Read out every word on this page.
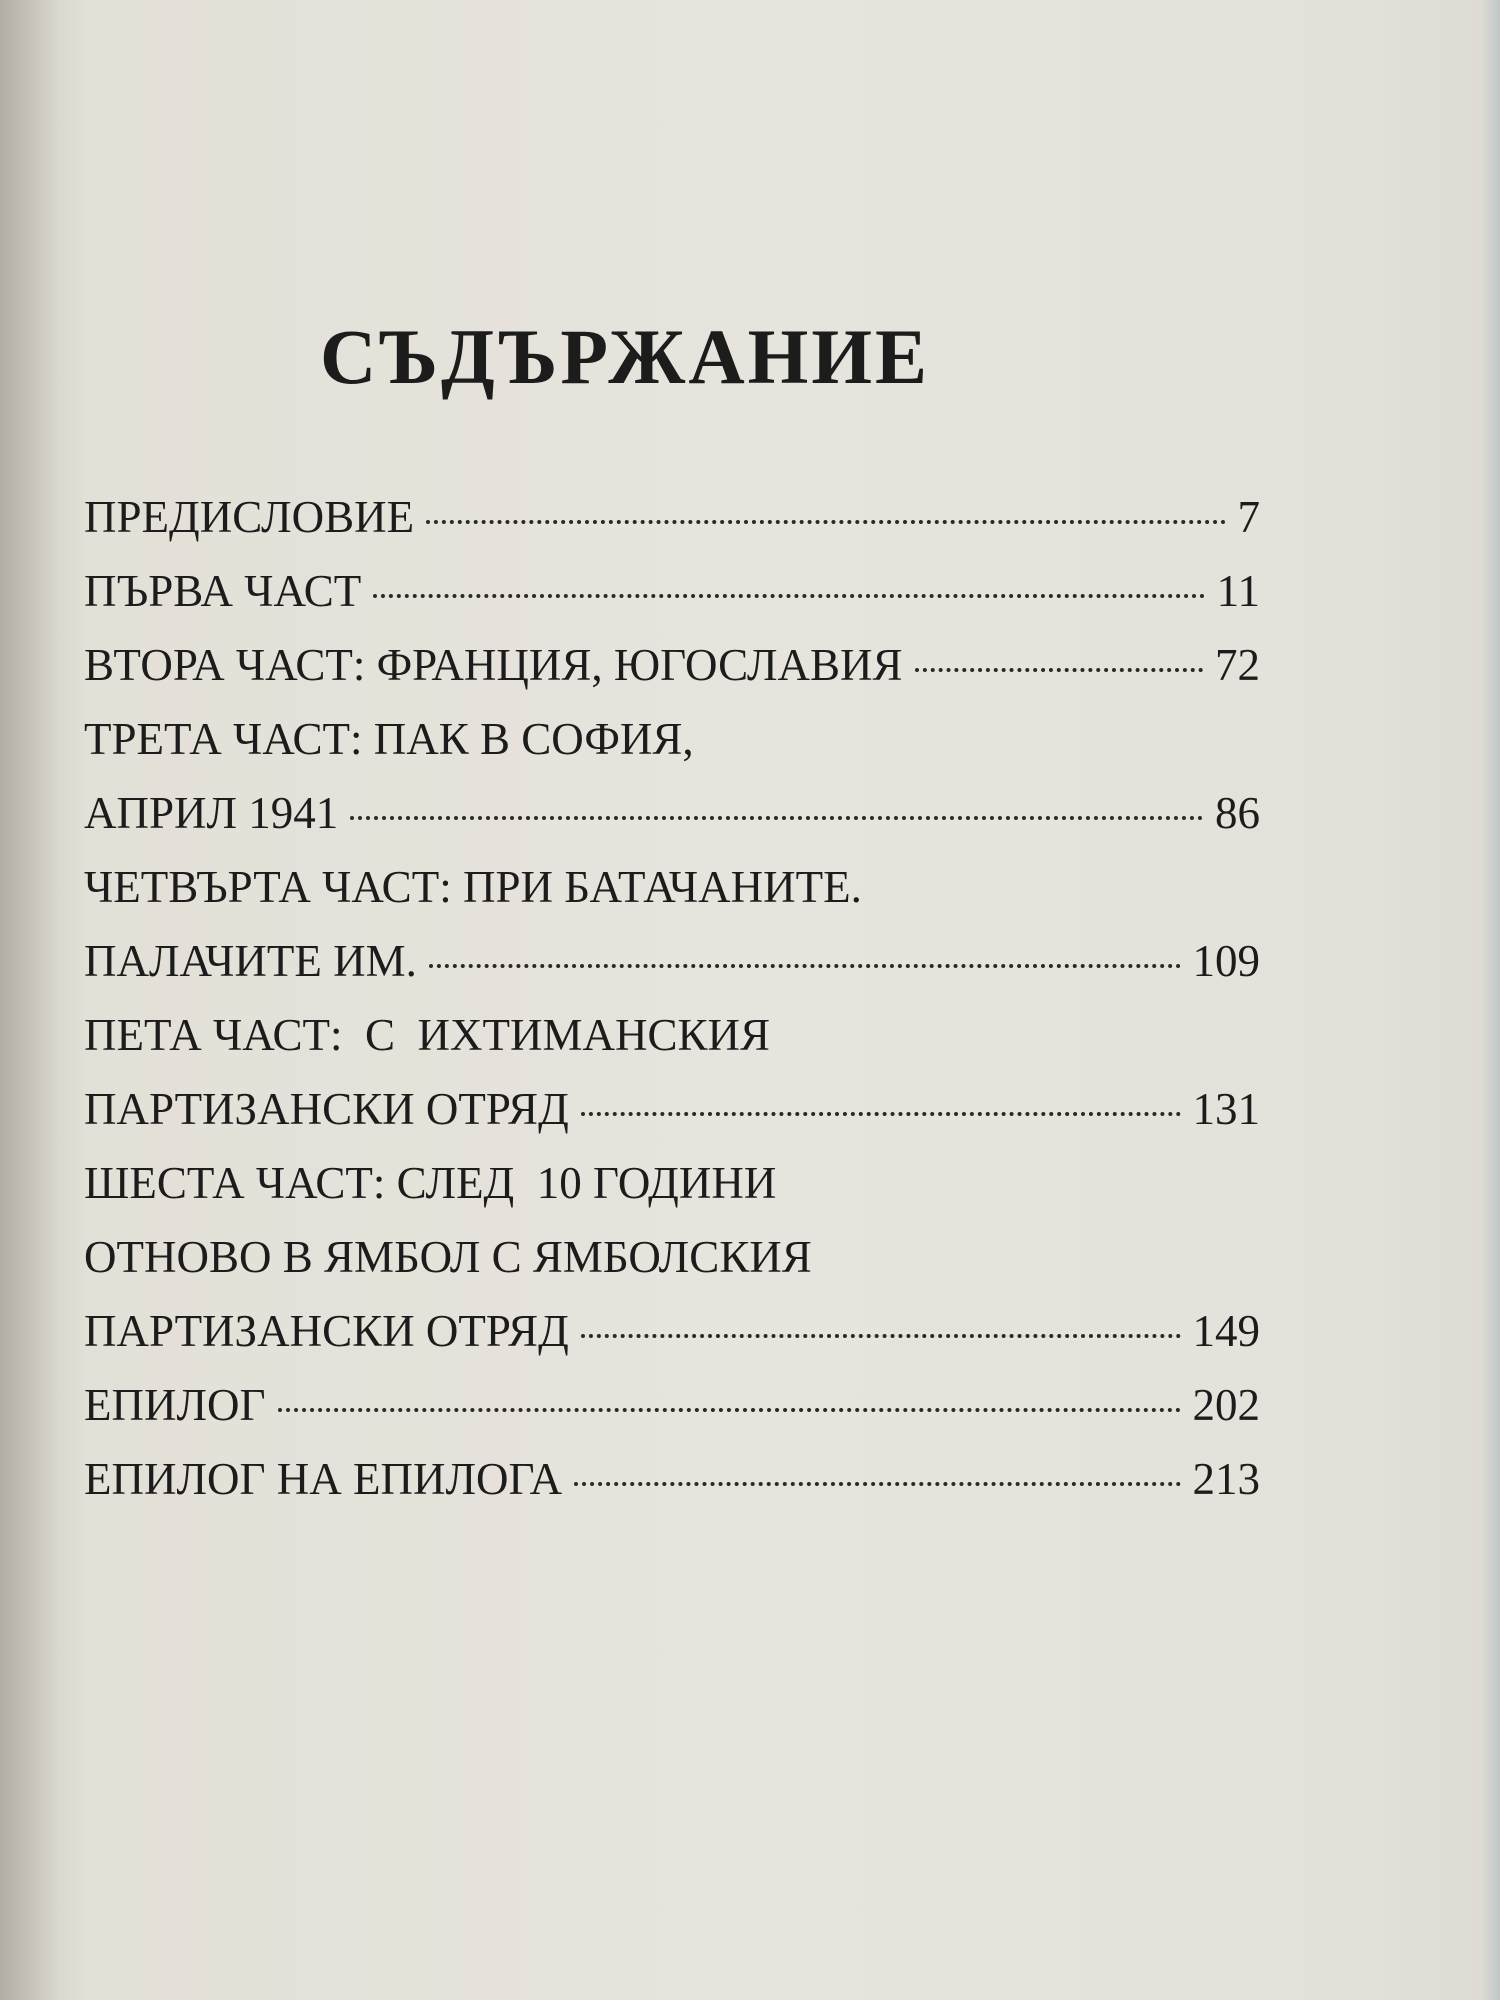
СЪДЪРЖАНИЕ
ПРЕДИСЛОВИЕ	7
ПЪРВА ЧАСТ	11
ВТОРА ЧАСТ: ФРАНЦИЯ, ЮГОСЛАВИЯ	72
ТРЕТА ЧАСТ: ПАК В СОФИЯ,
АПРИЛ 1941	86
ЧЕТВЪРТА ЧАСТ: ПРИ БАТАЧАНИТЕ.
ПАЛАЧИТЕ ИМ.	109
ПЕТА ЧАСТ:  С  ИХТИМАНСКИЯ
ПАРТИЗАНСКИ ОТРЯД	131
ШЕСТА ЧАСТ: СЛЕД  10 ГОДИНИ
ОТНОВО В ЯМБОЛ С ЯМБОЛСКИЯ
ПАРТИЗАНСКИ ОТРЯД	149
ЕПИЛОГ	202
ЕПИЛОГ НА ЕПИЛОГА	213
